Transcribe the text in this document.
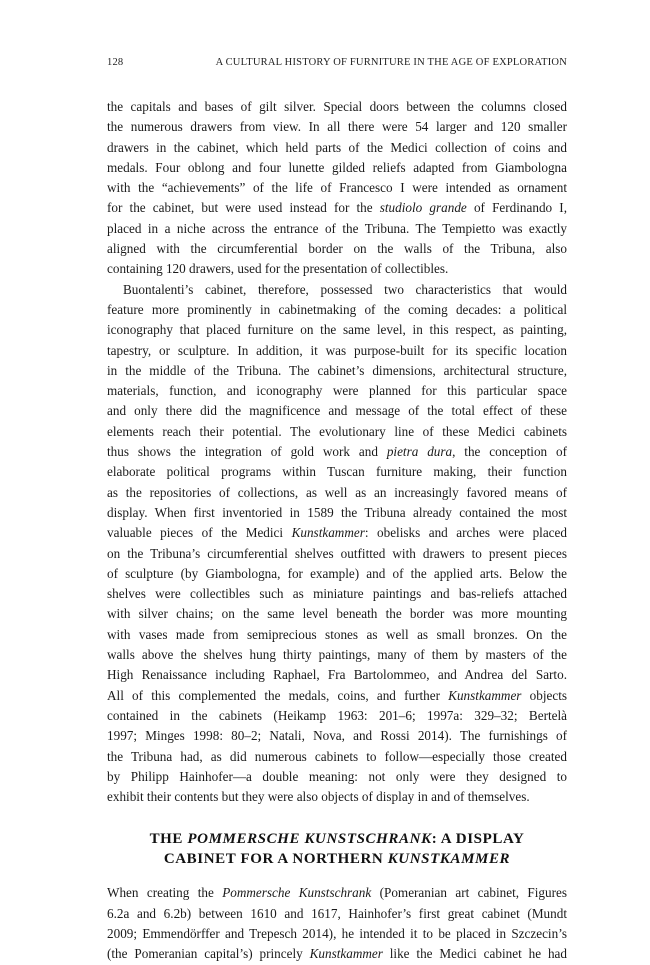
128	A CULTURAL HISTORY OF FURNITURE IN THE AGE OF EXPLORATION

the capitals and bases of gilt silver. Special doors between the columns closed

the numerous drawers from view. In all there were 54 larger and 120 smaller

drawers in the cabinet, which held parts of the Medici collection of coins and

medals. Four oblong and four lunette gilded reliefs adapted from Giambologna

with the “achievements” of the life of Francesco I were intended as ornament

for the cabinet, but were used instead for the studiolo grande of Ferdinando I,

placed in a niche across the entrance of the Tribuna. The Tempietto was exactly

aligned with the circumferential border on the walls of the Tribuna, also

containing 120 drawers, used for the presentation of collectibles.

Buontalenti’s cabinet, therefore, possessed two characteristics that would

feature more prominently in cabinetmaking of the coming decades: a political

iconography that placed furniture on the same level, in this respect, as painting,

tapestry, or sculpture. In addition, it was purpose-built for its specific location

in the middle of the Tribuna. The cabinet’s dimensions, architectural structure,

materials, function, and iconography were planned for this particular space

and only there did the magnificence and message of the total effect of these

elements reach their potential. The evolutionary line of these Medici cabinets

thus shows the integration of gold work and pietra dura, the conception of

elaborate political programs within Tuscan furniture making, their function

as the repositories of collections, as well as an increasingly favored means of

display. When first inventoried in 1589 the Tribuna already contained the most

valuable pieces of the Medici Kunstkammer: obelisks and arches were placed

on the Tribuna’s circumferential shelves outfitted with drawers to present pieces

of sculpture (by Giambologna, for example) and of the applied arts. Below the

shelves were collectibles such as miniature paintings and bas-reliefs attached

with silver chains; on the same level beneath the border was more mounting

with vases made from semiprecious stones as well as small bronzes. On the

walls above the shelves hung thirty paintings, many of them by masters of the

High Renaissance including Raphael, Fra Bartolommeo, and Andrea del Sarto.

All of this complemented the medals, coins, and further Kunstkammer objects

contained in the cabinets (Heikamp 1963: 201–6; 1997a: 329–32; Bertelà

1997; Minges 1998: 80–2; Natali, Nova, and Rossi 2014). The furnishings of

the Tribuna had, as did numerous cabinets to follow—especially those created

by Philipp Hainhofer—a double meaning: not only were they designed to

exhibit their contents but they were also objects of display in and of themselves.

THE POMMERSCHE KUNSTSCHRANK: A DISPLAY
CABINET FOR A NORTHERN KUNSTKAMMER

When creating the Pommersche Kunstschrank (Pomeranian art cabinet, Figures

6.2a and 6.2b) between 1610 and 1617, Hainhofer’s first great cabinet (Mundt

2009; Emmendörffer and Trepesch 2014), he intended it to be placed in Szczecin’s

(the Pomeranian capital’s) princely Kunstkammer like the Medici cabinet he had
